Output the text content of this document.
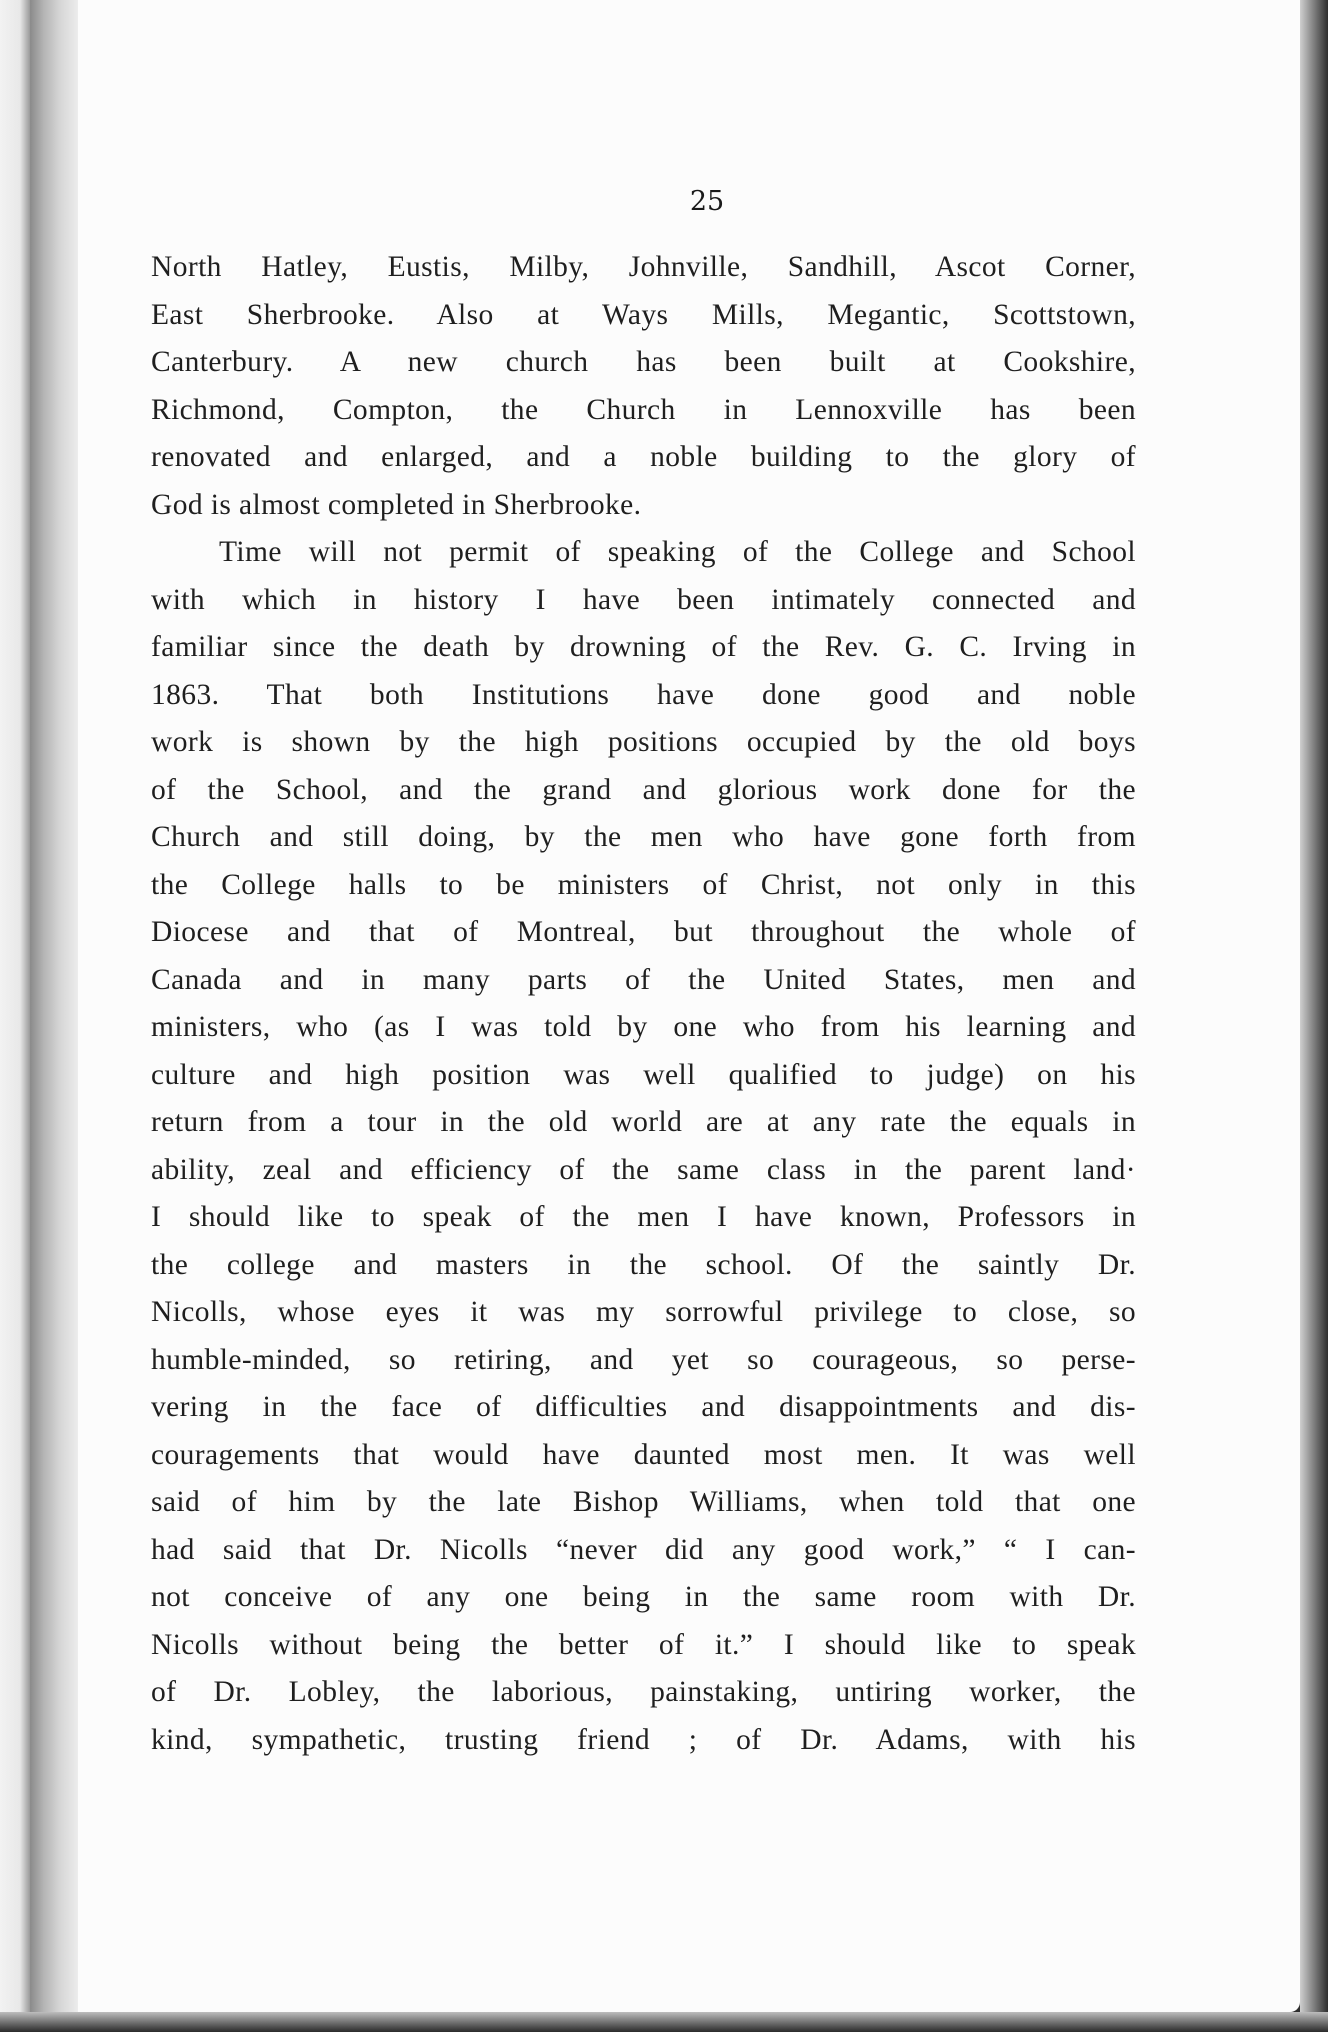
25
North Hatley, Eustis, Milby, Johnville, Sandhill, Ascot Corner,
East Sherbrooke. Also at Ways Mills, Megantic, Scottstown,
Canterbury. A new church has been built at Cookshire,
Richmond, Compton, the Church in Lennoxville has been
renovated and enlarged, and a noble building to the glory of
God is almost completed in Sherbrooke.
Time will not permit of speaking of the College and School
with which in history I have been intimately connected and
familiar since the death by drowning of the Rev. G. C. Irving in
1863. That both Institutions have done good and noble
work is shown by the high positions occupied by the old boys
of the School, and the grand and glorious work done for the
Church and still doing, by the men who have gone forth from
the College halls to be ministers of Christ, not only in this
Diocese and that of Montreal, but throughout the whole of
Canada and in many parts of the United States, men and
ministers, who (as I was told by one who from his learning and
culture and high position was well qualified to judge) on his
return from a tour in the old world are at any rate the equals in
ability, zeal and efficiency of the same class in the parent land·
I should like to speak of the men I have known, Professors in
the college and masters in the school. Of the saintly Dr.
Nicolls, whose eyes it was my sorrowful privilege to close, so
humble-minded, so retiring, and yet so courageous, so perse-
vering in the face of difficulties and disappointments and dis-
couragements that would have daunted most men. It was well
said of him by the late Bishop Williams, when told that one
had said that Dr. Nicolls “never did any good work,” “ I can-
not conceive of any one being in the same room with Dr.
Nicolls without being the better of it.” I should like to speak
of Dr. Lobley, the laborious, painstaking, untiring worker, the
kind, sympathetic, trusting friend ; of Dr. Adams, with his
